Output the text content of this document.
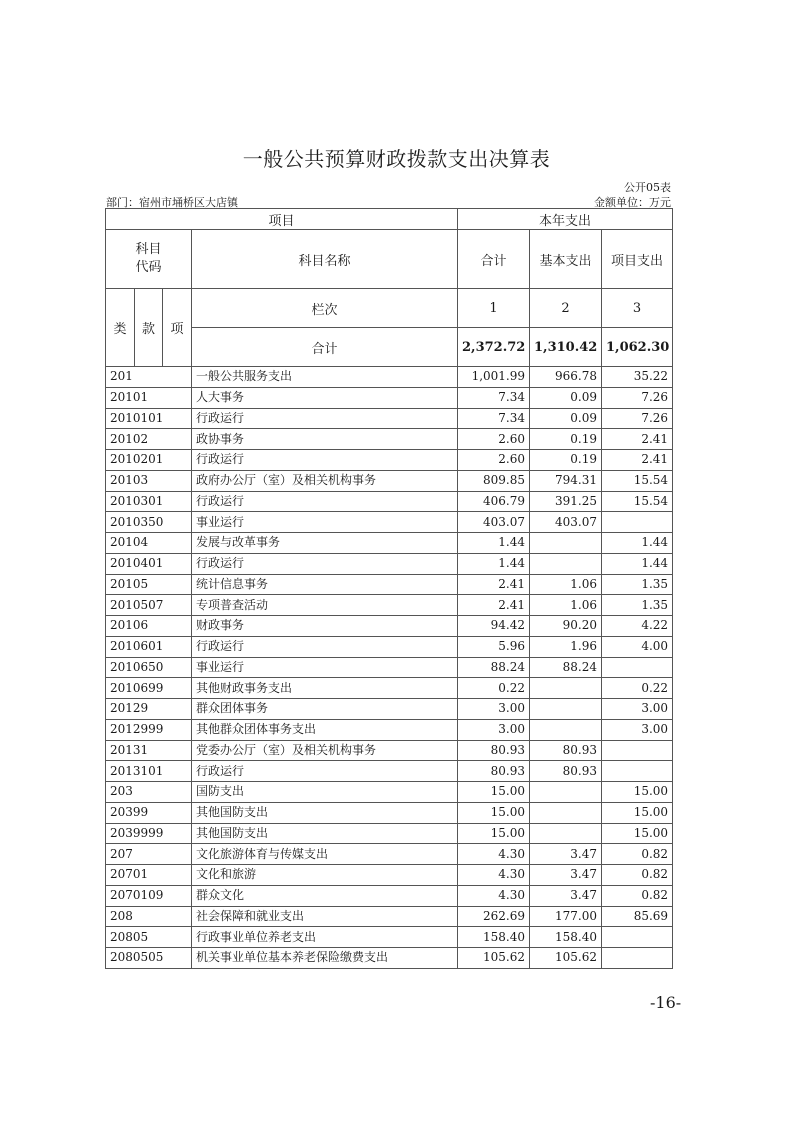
一般公共预算财政拨款支出决算表
公开05表
部门：宿州市埇桥区大店镇	金额单位：万元
项目				本年支出		

科目
代码			科目名称	合计	基本支出	项目支出
类	款	项	栏次	1	2	3
			合计	2,372.72	1,310.42	1,062.30
201			一般公共服务支出	1,001.99	966.78	35.22
20101			人大事务	7.34	0.09	7.26
2010101			行政运行	7.34	0.09	7.26
20102			政协事务	2.60	0.19	2.41
2010201			行政运行	2.60	0.19	2.41
20103			政府办公厅（室）及相关机构事务	809.85	794.31	15.54
2010301			行政运行	406.79	391.25	15.54
2010350			事业运行	403.07	403.07	
20104			发展与改革事务	1.44		1.44
2010401			行政运行	1.44		1.44
20105			统计信息事务	2.41	1.06	1.35
2010507			专项普查活动	2.41	1.06	1.35
20106			财政事务	94.42	90.20	4.22
2010601			行政运行	5.96	1.96	4.00
2010650			事业运行	88.24	88.24	
2010699			其他财政事务支出	0.22		0.22
20129			群众团体事务	3.00		3.00
2012999			其他群众团体事务支出	3.00		3.00
20131			党委办公厅（室）及相关机构事务	80.93	80.93	
2013101			行政运行	80.93	80.93	
203			国防支出	15.00		15.00
20399			其他国防支出	15.00		15.00
2039999			其他国防支出	15.00		15.00
207			文化旅游体育与传媒支出	4.30	3.47	0.82
20701			文化和旅游	4.30	3.47	0.82
2070109			群众文化	4.30	3.47	0.82
208			社会保障和就业支出	262.69	177.00	85.69
20805			行政事业单位养老支出	158.40	158.40	
2080505			机关事业单位基本养老保险缴费支出	105.62	105.62	
-16-
